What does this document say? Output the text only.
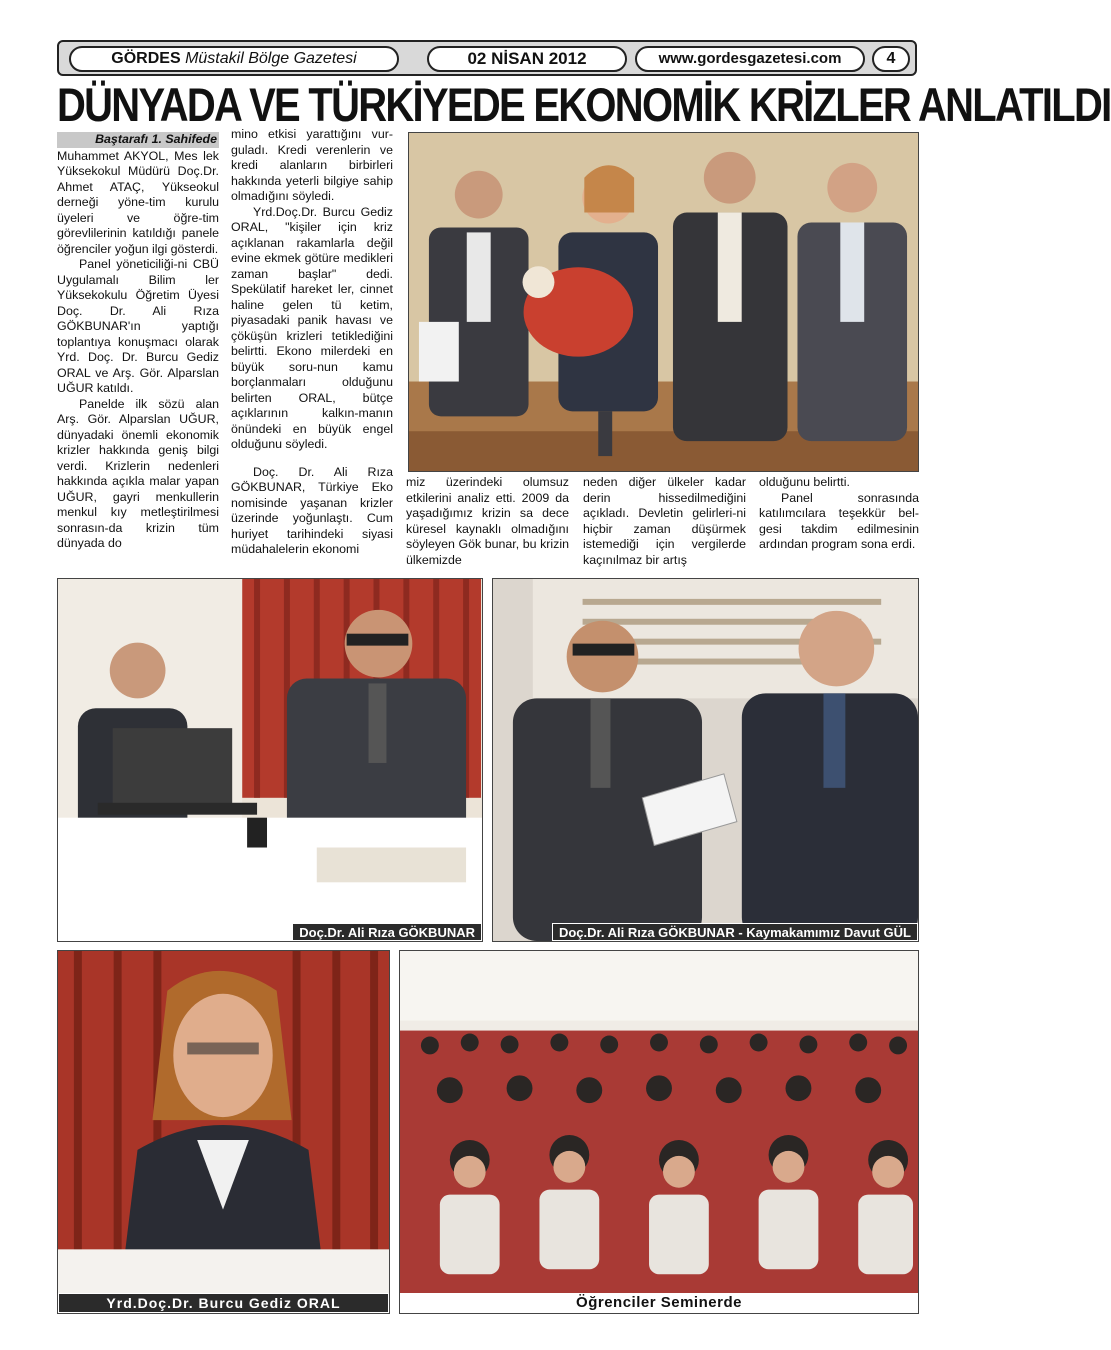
GÖRDES Müstakil Bölge Gazetesi	02 NİSAN 2012	www.gordesgazetesi.com	4
DÜNYADA VE TÜRKİYEDE EKONOMİK KRİZLER ANLATILDI
Baştarafı 1. Sahifede

Muhammet AKYOL, Mes lek Yüksekokul Müdürü Doç.Dr. Ahmet ATAÇ, Yükseokul derneği yöne-tim kurulu üyeleri ve öğre-tim görevlilerinin katıldığı panele öğrenciler yoğun ilgi gösterdi.

Panel yöneticiliği-ni CBÜ Uygulamalı Bilim ler Yüksekokulu Öğretim Üyesi Doç. Dr. Ali Rıza GÖKBUNAR'ın yaptığı toplantıya konuşmacı olarak Yrd. Doç. Dr. Burcu Gediz ORAL ve Arş. Gör. Alparslan UĞUR katıldı.

Panelde ilk sözü alan Arş. Gör. Alparslan UĞUR, dünyadaki önemli ekonomik krizler hakkında geniş bilgi verdi. Krizlerin nedenleri hakkında açıkla malar yapan UĞUR, gayri menkullerin menkul kıy metleştirilmesi sonrasın-da krizin tüm dünyada do

mino etkisi yarattığını vur-guladı. Kredi verenlerin ve kredi alanların birbirleri hakkında yeterli bilgiye sahip olmadığını söyledi.

Yrd.Doç.Dr. Burcu Gediz ORAL, "kişiler için kriz açıklanan rakamlarla değil evine ekmek götüre medikleri zaman başlar" dedi. Spekülatif hareket ler, cinnet haline gelen tü ketim, piyasadaki panik havası ve çöküşün krizleri tetiklediğini belirtti. Ekono milerdeki en büyük soru-nun kamu borçlanmaları olduğunu belirten ORAL, bütçe açıklarının kalkın-manın önündeki en büyük engel olduğunu söyledi.

Doç. Dr. Ali Rıza GÖKBUNAR, Türkiye Eko nomisinde yaşanan krizler üzerinde yoğunlaştı. Cum huriyet tarihindeki siyasi müdahalelerin ekonomi

miz üzerindeki olumsuz etkilerini analiz etti. 2009 da yaşadığımız krizin sa dece küresel kaynaklı olmadığını söyleyen Gök bunar, bu krizin ülkemizde

neden diğer ülkeler kadar derin hissedilmediğini açıkladı. Devletin gelirleri-ni hiçbir zaman düşürmek istemediği için vergilerde kaçınılmaz bir artış

olduğunu belirtti.

Panel sonrasında katılımcılara teşekkür bel-gesi takdim edilmesinin ardından program sona erdi.

Doç.Dr. Ali Rıza GÖKBUNAR	Doç.Dr. Ali Rıza GÖKBUNAR - Kaymakamımız Davut GÜL
Yrd.Doç.Dr. Burcu Gediz ORAL	Öğrenciler Seminerde
